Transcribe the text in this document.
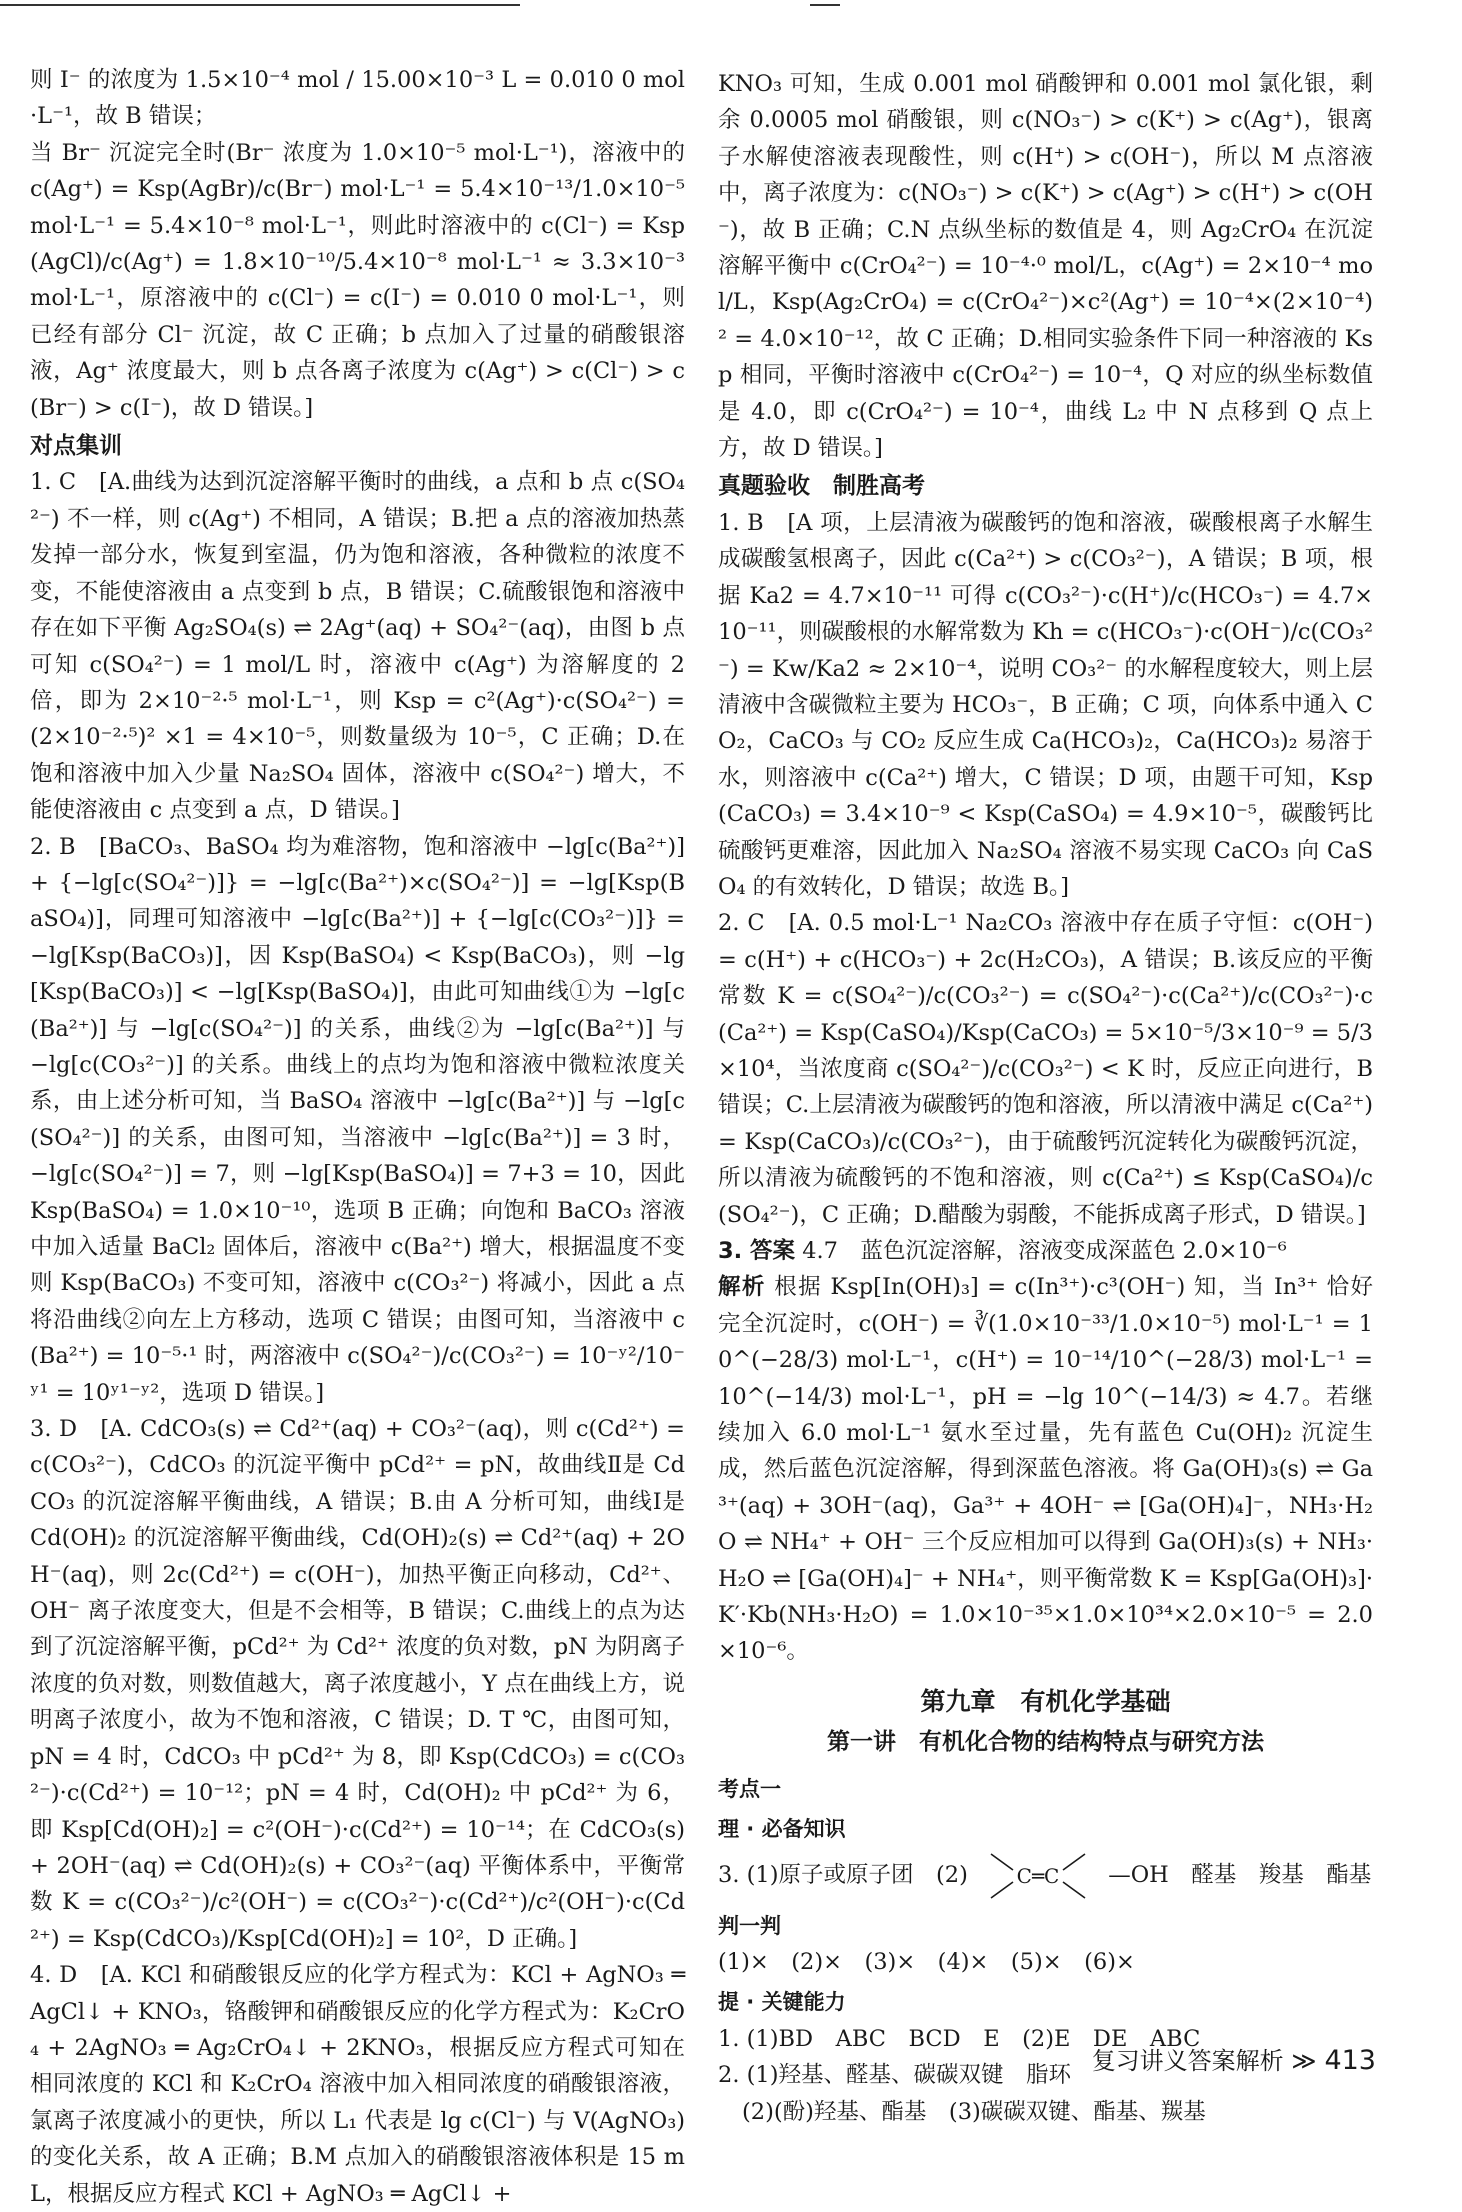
则 I⁻ 的浓度为 1.5×10⁻⁴ mol / 15.00×10⁻³ L = 0.010 0 mol·L⁻¹，故 B 错误；

当 Br⁻ 沉淀完全时(Br⁻ 浓度为 1.0×10⁻⁵ mol·L⁻¹)，溶液中的 c(Ag⁺) = Ksp(AgBr)/c(Br⁻) mol·L⁻¹ = 5.4×10⁻¹³/1.0×10⁻⁵ mol·L⁻¹ = 5.4×10⁻⁸ mol·L⁻¹，则此时溶液中的 c(Cl⁻) = Ksp(AgCl)/c(Ag⁺) = 1.8×10⁻¹⁰/5.4×10⁻⁸ mol·L⁻¹ ≈ 3.3×10⁻³ mol·L⁻¹，原溶液中的 c(Cl⁻) = c(I⁻) = 0.010 0 mol·L⁻¹，则已经有部分 Cl⁻ 沉淀，故 C 正确；b 点加入了过量的硝酸银溶液，Ag⁺ 浓度最大，则 b 点各离子浓度为 c(Ag⁺) > c(Cl⁻) > c(Br⁻) > c(I⁻)，故 D 错误。]

对点集训

1. C　[A.曲线为达到沉淀溶解平衡时的曲线，a 点和 b 点 c(SO₄²⁻) 不一样，则 c(Ag⁺) 不相同，A 错误；B.把 a 点的溶液加热蒸发掉一部分水，恢复到室温，仍为饱和溶液，各种微粒的浓度不变，不能使溶液由 a 点变到 b 点，B 错误；C.硫酸银饱和溶液中存在如下平衡 Ag₂SO₄(s) ⇌ 2Ag⁺(aq) + SO₄²⁻(aq)，由图 b 点可知 c(SO₄²⁻) = 1 mol/L 时，溶液中 c(Ag⁺) 为溶解度的 2 倍，即为 2×10⁻²·⁵ mol·L⁻¹，则 Ksp = c²(Ag⁺)·c(SO₄²⁻) = (2×10⁻²·⁵)² ×1 = 4×10⁻⁵，则数量级为 10⁻⁵，C 正确；D.在饱和溶液中加入少量 Na₂SO₄ 固体，溶液中 c(SO₄²⁻) 增大，不能使溶液由 c 点变到 a 点，D 错误。]

2. B　[BaCO₃、BaSO₄ 均为难溶物，饱和溶液中 −lg[c(Ba²⁺)] + {−lg[c(SO₄²⁻)]} = −lg[c(Ba²⁺)×c(SO₄²⁻)] = −lg[Ksp(BaSO₄)]，同理可知溶液中 −lg[c(Ba²⁺)] + {−lg[c(CO₃²⁻)]} = −lg[Ksp(BaCO₃)]，因 Ksp(BaSO₄) < Ksp(BaCO₃)，则 −lg[Ksp(BaCO₃)] < −lg[Ksp(BaSO₄)]，由此可知曲线①为 −lg[c(Ba²⁺)] 与 −lg[c(SO₄²⁻)] 的关系，曲线②为 −lg[c(Ba²⁺)] 与 −lg[c(CO₃²⁻)] 的关系。曲线上的点均为饱和溶液中微粒浓度关系，由上述分析可知，当 BaSO₄ 溶液中 −lg[c(Ba²⁺)] 与 −lg[c(SO₄²⁻)] 的关系，由图可知，当溶液中 −lg[c(Ba²⁺)] = 3 时，−lg[c(SO₄²⁻)] = 7，则 −lg[Ksp(BaSO₄)] = 7+3 = 10，因此 Ksp(BaSO₄) = 1.0×10⁻¹⁰，选项 B 正确；向饱和 BaCO₃ 溶液中加入适量 BaCl₂ 固体后，溶液中 c(Ba²⁺) 增大，根据温度不变则 Ksp(BaCO₃) 不变可知，溶液中 c(CO₃²⁻) 将减小，因此 a 点将沿曲线②向左上方移动，选项 C 错误；由图可知，当溶液中 c(Ba²⁺) = 10⁻⁵·¹ 时，两溶液中 c(SO₄²⁻)/c(CO₃²⁻) = 10⁻ʸ²/10⁻ʸ¹ = 10ʸ¹⁻ʸ²，选项 D 错误。]

3. D　[A. CdCO₃(s) ⇌ Cd²⁺(aq) + CO₃²⁻(aq)，则 c(Cd²⁺) = c(CO₃²⁻)，CdCO₃ 的沉淀平衡中 pCd²⁺ = pN，故曲线Ⅱ是 CdCO₃ 的沉淀溶解平衡曲线，A 错误；B.由 A 分析可知，曲线Ⅰ是 Cd(OH)₂ 的沉淀溶解平衡曲线，Cd(OH)₂(s) ⇌ Cd²⁺(aq) + 2OH⁻(aq)，则 2c(Cd²⁺) = c(OH⁻)，加热平衡正向移动，Cd²⁺、OH⁻ 离子浓度变大，但是不会相等，B 错误；C.曲线上的点为达到了沉淀溶解平衡，pCd²⁺ 为 Cd²⁺ 浓度的负对数，pN 为阴离子浓度的负对数，则数值越大，离子浓度越小，Y 点在曲线上方，说明离子浓度小，故为不饱和溶液，C 错误；D. T ℃，由图可知，pN = 4 时，CdCO₃ 中 pCd²⁺ 为 8，即 Ksp(CdCO₃) = c(CO₃²⁻)·c(Cd²⁺) = 10⁻¹²；pN = 4 时，Cd(OH)₂ 中 pCd²⁺ 为 6，即 Ksp[Cd(OH)₂] = c²(OH⁻)·c(Cd²⁺) = 10⁻¹⁴；在 CdCO₃(s) + 2OH⁻(aq) ⇌ Cd(OH)₂(s) + CO₃²⁻(aq) 平衡体系中，平衡常数 K = c(CO₃²⁻)/c²(OH⁻) = c(CO₃²⁻)·c(Cd²⁺)/c²(OH⁻)·c(Cd²⁺) = Ksp(CdCO₃)/Ksp[Cd(OH)₂] = 10²，D 正确。]

4. D　[A. KCl 和硝酸银反应的化学方程式为：KCl + AgNO₃ ═ AgCl↓ + KNO₃，铬酸钾和硝酸银反应的化学方程式为：K₂CrO₄ + 2AgNO₃ ═ Ag₂CrO₄↓ + 2KNO₃，根据反应方程式可知在相同浓度的 KCl 和 K₂CrO₄ 溶液中加入相同浓度的硝酸银溶液，氯离子浓度减小的更快，所以 L₁ 代表是 lg c(Cl⁻) 与 V(AgNO₃) 的变化关系，故 A 正确；B.M 点加入的硝酸银溶液体积是 15 mL，根据反应方程式 KCl + AgNO₃ ═ AgCl↓ +

KNO₃ 可知，生成 0.001 mol 硝酸钾和 0.001 mol 氯化银，剩余 0.0005 mol 硝酸银，则 c(NO₃⁻) > c(K⁺) > c(Ag⁺)，银离子水解使溶液表现酸性，则 c(H⁺) > c(OH⁻)，所以 M 点溶液中，离子浓度为：c(NO₃⁻) > c(K⁺) > c(Ag⁺) > c(H⁺) > c(OH⁻)，故 B 正确；C.N 点纵坐标的数值是 4，则 Ag₂CrO₄ 在沉淀溶解平衡中 c(CrO₄²⁻) = 10⁻⁴·⁰ mol/L，c(Ag⁺) = 2×10⁻⁴ mol/L，Ksp(Ag₂CrO₄) = c(CrO₄²⁻)×c²(Ag⁺) = 10⁻⁴×(2×10⁻⁴)² = 4.0×10⁻¹²，故 C 正确；D.相同实验条件下同一种溶液的 Ksp 相同，平衡时溶液中 c(CrO₄²⁻) = 10⁻⁴，Q 对应的纵坐标数值是 4.0，即 c(CrO₄²⁻) = 10⁻⁴，曲线 L₂ 中 N 点移到 Q 点上方，故 D 错误。]

真题验收　制胜高考

1. B　[A 项，上层清液为碳酸钙的饱和溶液，碳酸根离子水解生成碳酸氢根离子，因此 c(Ca²⁺) > c(CO₃²⁻)，A 错误；B 项，根据 Ka2 = 4.7×10⁻¹¹ 可得 c(CO₃²⁻)·c(H⁺)/c(HCO₃⁻) = 4.7×10⁻¹¹，则碳酸根的水解常数为 Kh = c(HCO₃⁻)·c(OH⁻)/c(CO₃²⁻) = Kw/Ka2 ≈ 2×10⁻⁴，说明 CO₃²⁻ 的水解程度较大，则上层清液中含碳微粒主要为 HCO₃⁻，B 正确；C 项，向体系中通入 CO₂，CaCO₃ 与 CO₂ 反应生成 Ca(HCO₃)₂，Ca(HCO₃)₂ 易溶于水，则溶液中 c(Ca²⁺) 增大，C 错误；D 项，由题干可知，Ksp(CaCO₃) = 3.4×10⁻⁹ < Ksp(CaSO₄) = 4.9×10⁻⁵，碳酸钙比硫酸钙更难溶，因此加入 Na₂SO₄ 溶液不易实现 CaCO₃ 向 CaSO₄ 的有效转化，D 错误；故选 B。]

2. C　[A. 0.5 mol·L⁻¹ Na₂CO₃ 溶液中存在质子守恒：c(OH⁻) = c(H⁺) + c(HCO₃⁻) + 2c(H₂CO₃)，A 错误；B.该反应的平衡常数 K = c(SO₄²⁻)/c(CO₃²⁻) = c(SO₄²⁻)·c(Ca²⁺)/c(CO₃²⁻)·c(Ca²⁺) = Ksp(CaSO₄)/Ksp(CaCO₃) = 5×10⁻⁵/3×10⁻⁹ = 5/3 ×10⁴，当浓度商 c(SO₄²⁻)/c(CO₃²⁻) < K 时，反应正向进行，B 错误；C.上层清液为碳酸钙的饱和溶液，所以清液中满足 c(Ca²⁺) = Ksp(CaCO₃)/c(CO₃²⁻)，由于硫酸钙沉淀转化为碳酸钙沉淀，所以清液为硫酸钙的不饱和溶液，则 c(Ca²⁺) ≤ Ksp(CaSO₄)/c(SO₄²⁻)，C 正确；D.醋酸为弱酸，不能拆成离子形式，D 错误。]

3. 答案 4.7　蓝色沉淀溶解，溶液变成深蓝色 2.0×10⁻⁶

解析 根据 Ksp[In(OH)₃] = c(In³⁺)·c³(OH⁻) 知，当 In³⁺ 恰好完全沉淀时，c(OH⁻) = ∛(1.0×10⁻³³/1.0×10⁻⁵) mol·L⁻¹ = 10^(−28/3) mol·L⁻¹，c(H⁺) = 10⁻¹⁴/10^(−28/3) mol·L⁻¹ = 10^(−14/3) mol·L⁻¹，pH = −lg 10^(−14/3) ≈ 4.7。若继续加入 6.0 mol·L⁻¹ 氨水至过量，先有蓝色 Cu(OH)₂ 沉淀生成，然后蓝色沉淀溶解，得到深蓝色溶液。将 Ga(OH)₃(s) ⇌ Ga³⁺(aq) + 3OH⁻(aq)，Ga³⁺ + 4OH⁻ ⇌ [Ga(OH)₄]⁻，NH₃·H₂O ⇌ NH₄⁺ + OH⁻ 三个反应相加可以得到 Ga(OH)₃(s) + NH₃·H₂O ⇌ [Ga(OH)₄]⁻ + NH₄⁺，则平衡常数 K = Ksp[Ga(OH)₃]·K′·Kb(NH₃·H₂O) = 1.0×10⁻³⁵×1.0×10³⁴×2.0×10⁻⁵ = 2.0×10⁻⁶。

第九章　有机化学基础
第一讲　有机化合物的结构特点与研究方法
考点一
理 · 必备知识

3. (1)原子或原子团　(2) C═C —OH　醛基　羧基　酯基

判一判

(1)×　(2)×　(3)×　(4)×　(5)×　(6)×

提 · 关键能力

1. (1)BD　ABC　BCD　E　(2)E　DE　ABC

2. (1)羟基、醛基、碳碳双键　脂环

(2)(酚)羟基、酯基　(3)碳碳双键、酯基、羰基

复习讲义答案解析 ≫ 413
